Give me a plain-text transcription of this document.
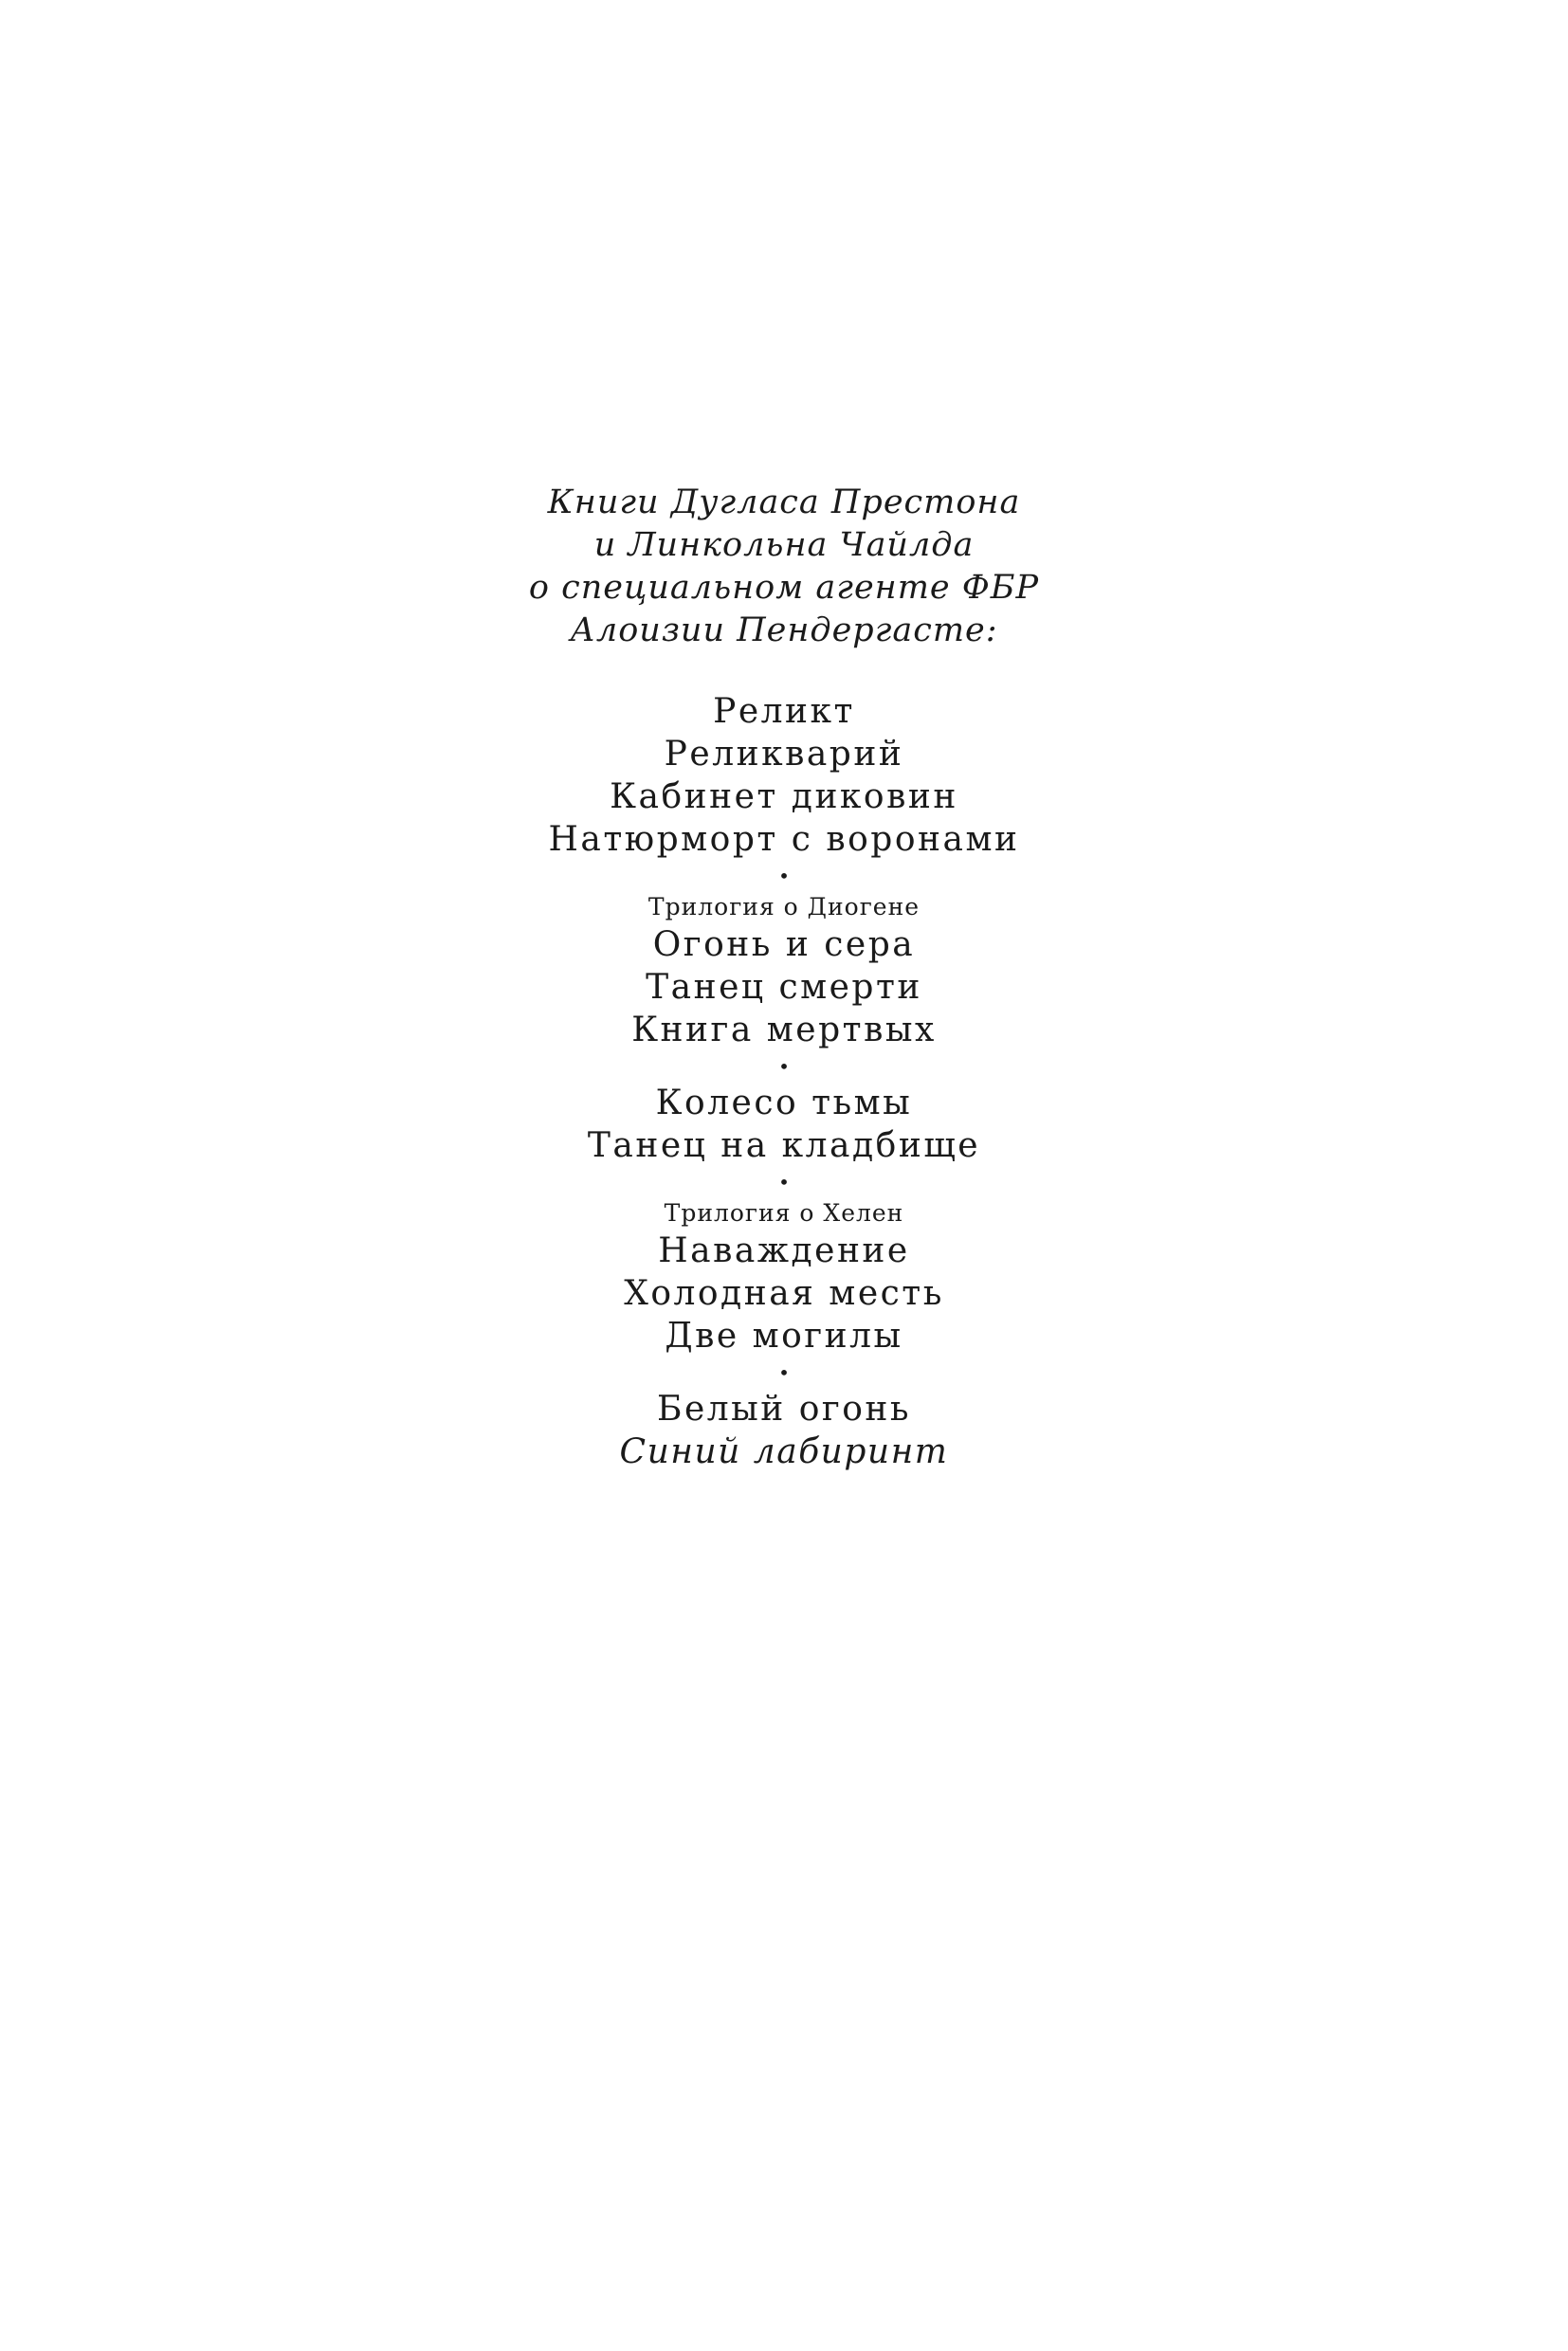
Книги Дугласа Престона
и Линкольна Чайлда
о специальном агенте ФБР
Алоизии Пендергасте:
Реликт
Реликварий
Кабинет диковин
Натюрморт с воронами
•
Трилогия о Диогене
Огонь и сера
Танец смерти
Книга мертвых
•
Колесо тьмы
Танец на кладбище
•
Трилогия о Хелен
Наваждение
Холодная месть
Две могилы
•
Белый огонь
Синий лабиринт
